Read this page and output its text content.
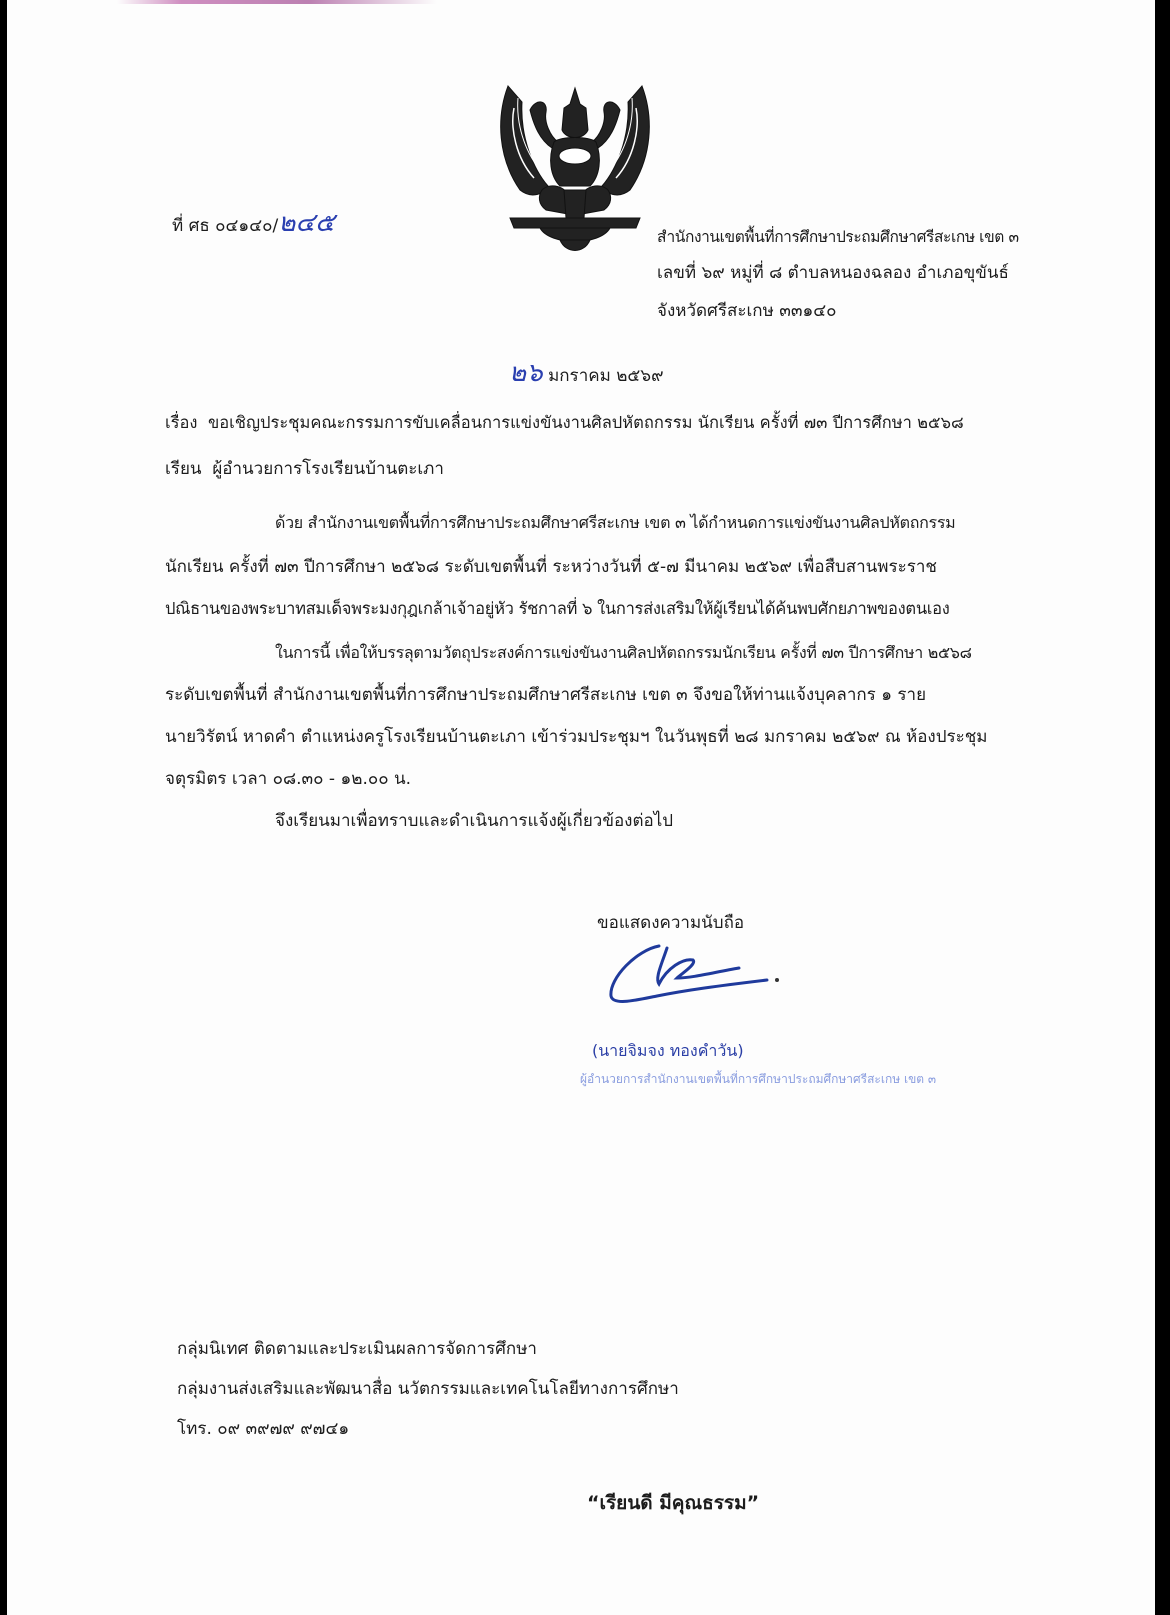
ที่ ศธ ๐๔๑๔๐/๒๔๕	สำนักงานเขตพื้นที่การศึกษาประถมศึกษาศรีสะเกษ เขต ๓
เลขที่ ๖๙ หมู่ที่ ๘ ตำบลหนองฉลอง อำเภอขุขันธ์
จังหวัดศรีสะเกษ ๓๓๑๔๐
๒๖ มกราคม ๒๕๖๙
เรื่อง ขอเชิญประชุมคณะกรรมการขับเคลื่อนการแข่งขันงานศิลปหัตถกรรม นักเรียน ครั้งที่ ๗๓ ปีการศึกษา ๒๕๖๘
เรียน ผู้อำนวยการโรงเรียนบ้านตะเภา
ด้วย สำนักงานเขตพื้นที่การศึกษาประถมศึกษาศรีสะเกษ เขต ๓ ได้กำหนดการแข่งขันงานศิลปหัตถกรรม
นักเรียน ครั้งที่ ๗๓ ปีการศึกษา ๒๕๖๘ ระดับเขตพื้นที่ ระหว่างวันที่ ๕-๗ มีนาคม ๒๕๖๙ เพื่อสืบสานพระราช
ปณิธานของพระบาทสมเด็จพระมงกุฎเกล้าเจ้าอยู่หัว รัชกาลที่ ๖ ในการส่งเสริมให้ผู้เรียนได้ค้นพบศักยภาพของตนเอง
ในการนี้ เพื่อให้บรรลุตามวัตถุประสงค์การแข่งขันงานศิลปหัตถกรรมนักเรียน ครั้งที่ ๗๓ ปีการศึกษา ๒๕๖๘
ระดับเขตพื้นที่ สำนักงานเขตพื้นที่การศึกษาประถมศึกษาศรีสะเกษ เขต ๓ จึงขอให้ท่านแจ้งบุคลากร ๑ ราย
นายวิรัตน์ หาดคำ ตำแหน่งครูโรงเรียนบ้านตะเภา เข้าร่วมประชุมฯ ในวันพุธที่ ๒๘ มกราคม ๒๕๖๙ ณ ห้องประชุม
จตุรมิตร เวลา ๐๘.๓๐ - ๑๒.๐๐ น.
จึงเรียนมาเพื่อทราบและดำเนินการแจ้งผู้เกี่ยวข้องต่อไป
ขอแสดงความนับถือ
(นายจิมจง ทองคำวัน)
ผู้อำนวยการสำนักงานเขตพื้นที่การศึกษาประถมศึกษาศรีสะเกษ เขต ๓
กลุ่มนิเทศ ติดตามและประเมินผลการจัดการศึกษา
กลุ่มงานส่งเสริมและพัฒนาสื่อ นวัตกรรมและเทคโนโลยีทางการศึกษา
โทร. ๐๙ ๓๙๗๙ ๙๗๔๑
“เรียนดี มีคุณธรรม”
